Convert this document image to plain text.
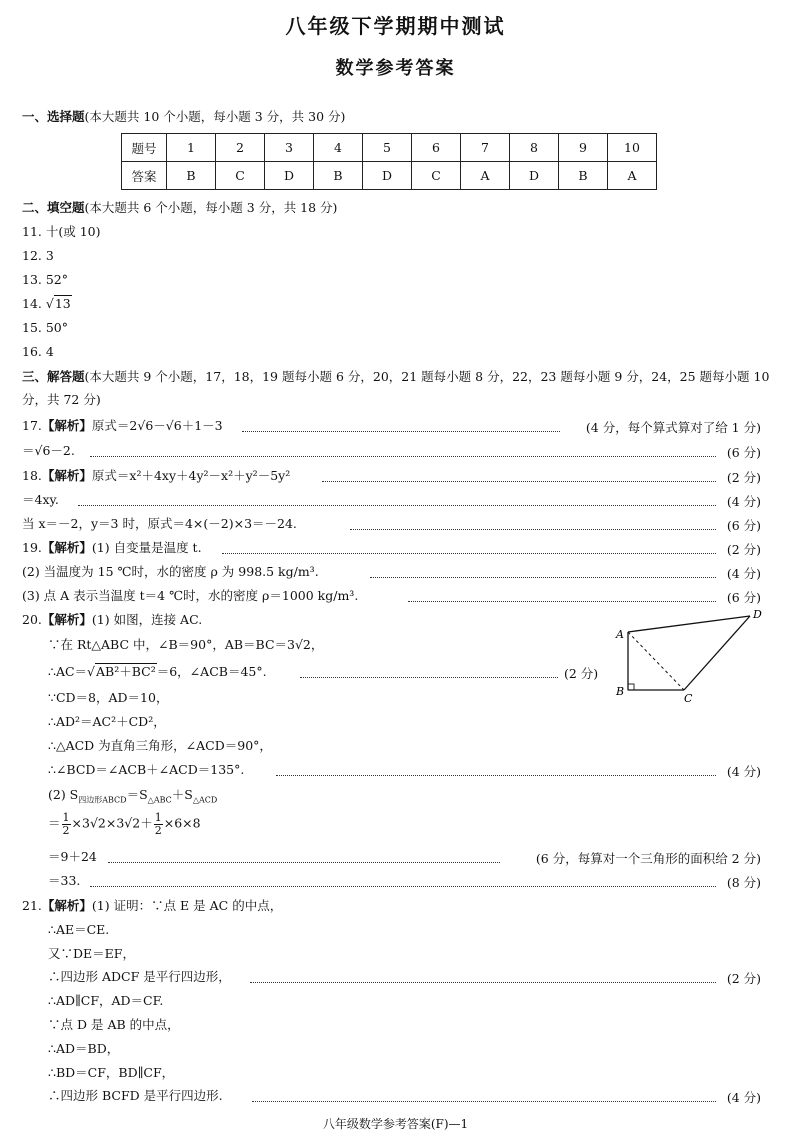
八年级下学期期中测试
数学参考答案
一、选择题(本大题共 10 个小题，每小题 3 分，共 30 分)
题号	1	2	3	4	5	6	7	8	9	10
答案	B	C	D	B	D	C	A	D	B	A
二、填空题(本大题共 6 个小题，每小题 3 分，共 18 分)
11. 十(或 10)
12. 3
13. 52°
14. √13
15. 50°
16. 4
三、解答题(本大题共 9 个小题，17，18，19 题每小题 6 分，20，21 题每小题 8 分，22，23 题每小题 9 分，24，25 题每小题 10
分，共 72 分)
17.【解析】原式＝2√6－√6＋1－3	(4 分，每个算式算对了给 1 分)
＝√6－2.	(6 分)
18.【解析】原式＝x²＋4xy＋4y²－x²＋y²－5y²	(2 分)
＝4xy.	(4 分)
当 x＝－2，y＝3 时，原式＝4×(－2)×3＝－24.	(6 分)
19.【解析】(1) 自变量是温度 t.	(2 分)
(2) 当温度为 15 ℃时，水的密度 ρ 为 998.5 kg/m³.	(4 分)
(3) 点 A 表示当温度 t＝4 ℃时，水的密度 ρ＝1000 kg/m³.	(6 分)
20.【解析】(1) 如图，连接 AC.
∵在 Rt△ABC 中，∠B＝90°，AB＝BC＝3√2，
∴AC＝√AB²＋BC²＝6，∠ACB＝45°.	(2 分)
∵CD＝8，AD＝10，
∴AD²＝AC²＋CD²，
∴△ACD 为直角三角形，∠ACD＝90°，
∴∠BCD＝∠ACB＋∠ACD＝135°.	(4 分)
(2) $S_{四边形ABCD}=S_{\triangle ABC}+S_{\triangle ACD}$
＝ $\frac{1}{2} \times 3√2\times 3√2+ \frac{1}{2} \times 6\times 8$
＝9＋24	(6 分，每算对一个三角形的面积给 2 分)
＝33.	(8 分)
A
B
C
D
21.【解析】(1) 证明：∵点 E 是 AC 的中点，
∴AE＝CE.
又∵DE＝EF，
∴四边形 ADCF 是平行四边形，	(2 分)
∴AD∥CF，AD＝CF.
∵点 D 是 AB 的中点，
∴AD＝BD，
∴BD＝CF，BD∥CF，
∴四边形 BCFD 是平行四边形.	(4 分)
八年级数学参考答案(F)—1
